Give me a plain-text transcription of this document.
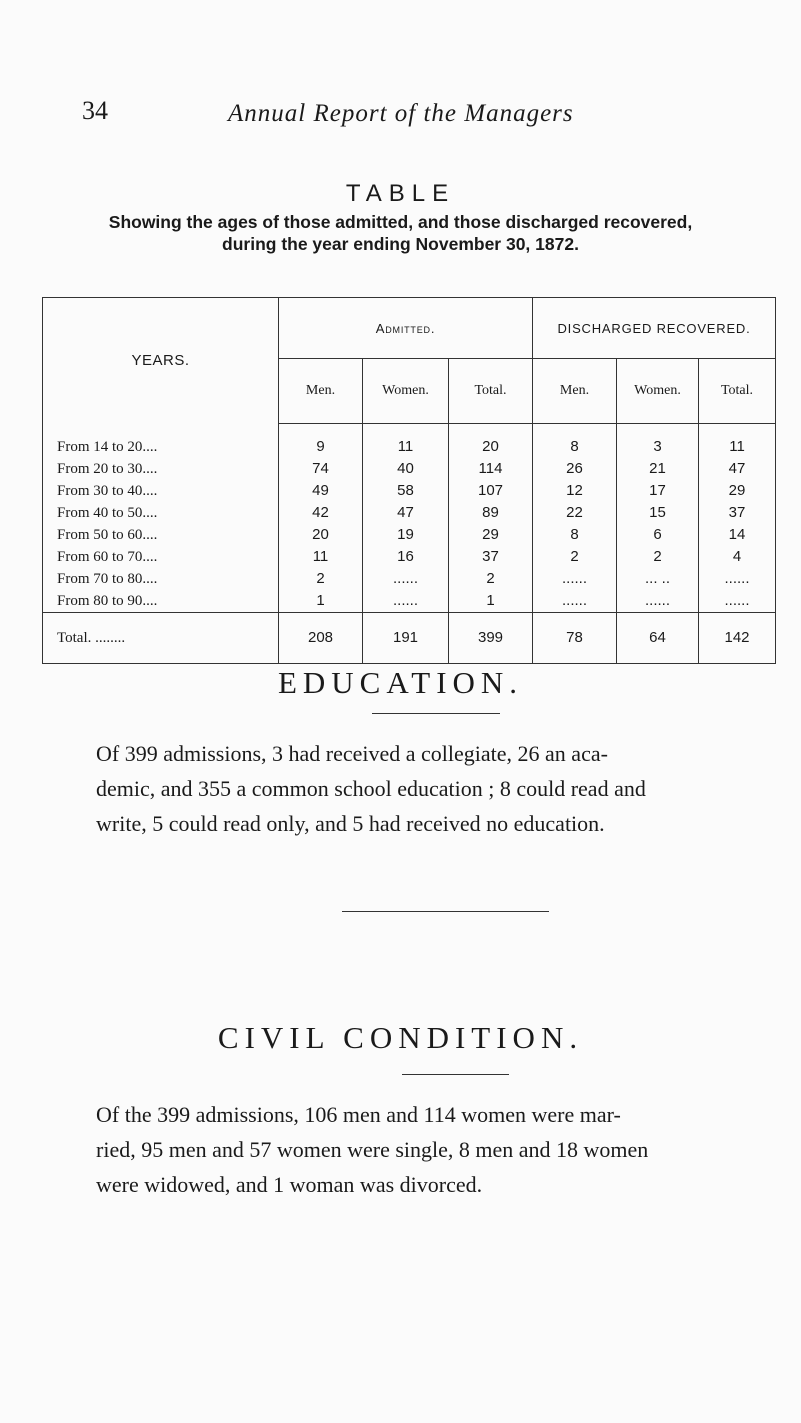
34	Annual Report of the Managers
TABLE
Showing the ages of those admitted, and those discharged recovered,
during the year ending November 30, 1872.
YEARS.	Admitted.			DISCHARGED RECOVERED.		
	Men.	Women.	Total.	Men.	Women.	Total.
From 14 to 20....	9	11	20	8	3	11
From 20 to 30....	74	40	114	26	21	47
From 30 to 40....	49	58	107	12	17	29
From 40 to 50....	42	47	89	22	15	37
From 50 to 60....	20	19	29	8	6	14
From 60 to 70....	11	16	37	2	2	4
From 70 to 80....	2	......	2	......	... ..	......
From 80 to 90....	1	......	1	......	......	......
Total. ........	208	191	399	78	64	142
EDUCATION.
Of 399 admissions, 3 had received a collegiate, 26 an aca-
demic, and 355 a common school education ; 8 could read and
write, 5 could read only, and 5 had received no education.
CIVIL CONDITION.
Of the 399 admissions, 106 men and 114 women were mar-
ried, 95 men and 57 women were single, 8 men and 18 women
were widowed, and 1 woman was divorced.
